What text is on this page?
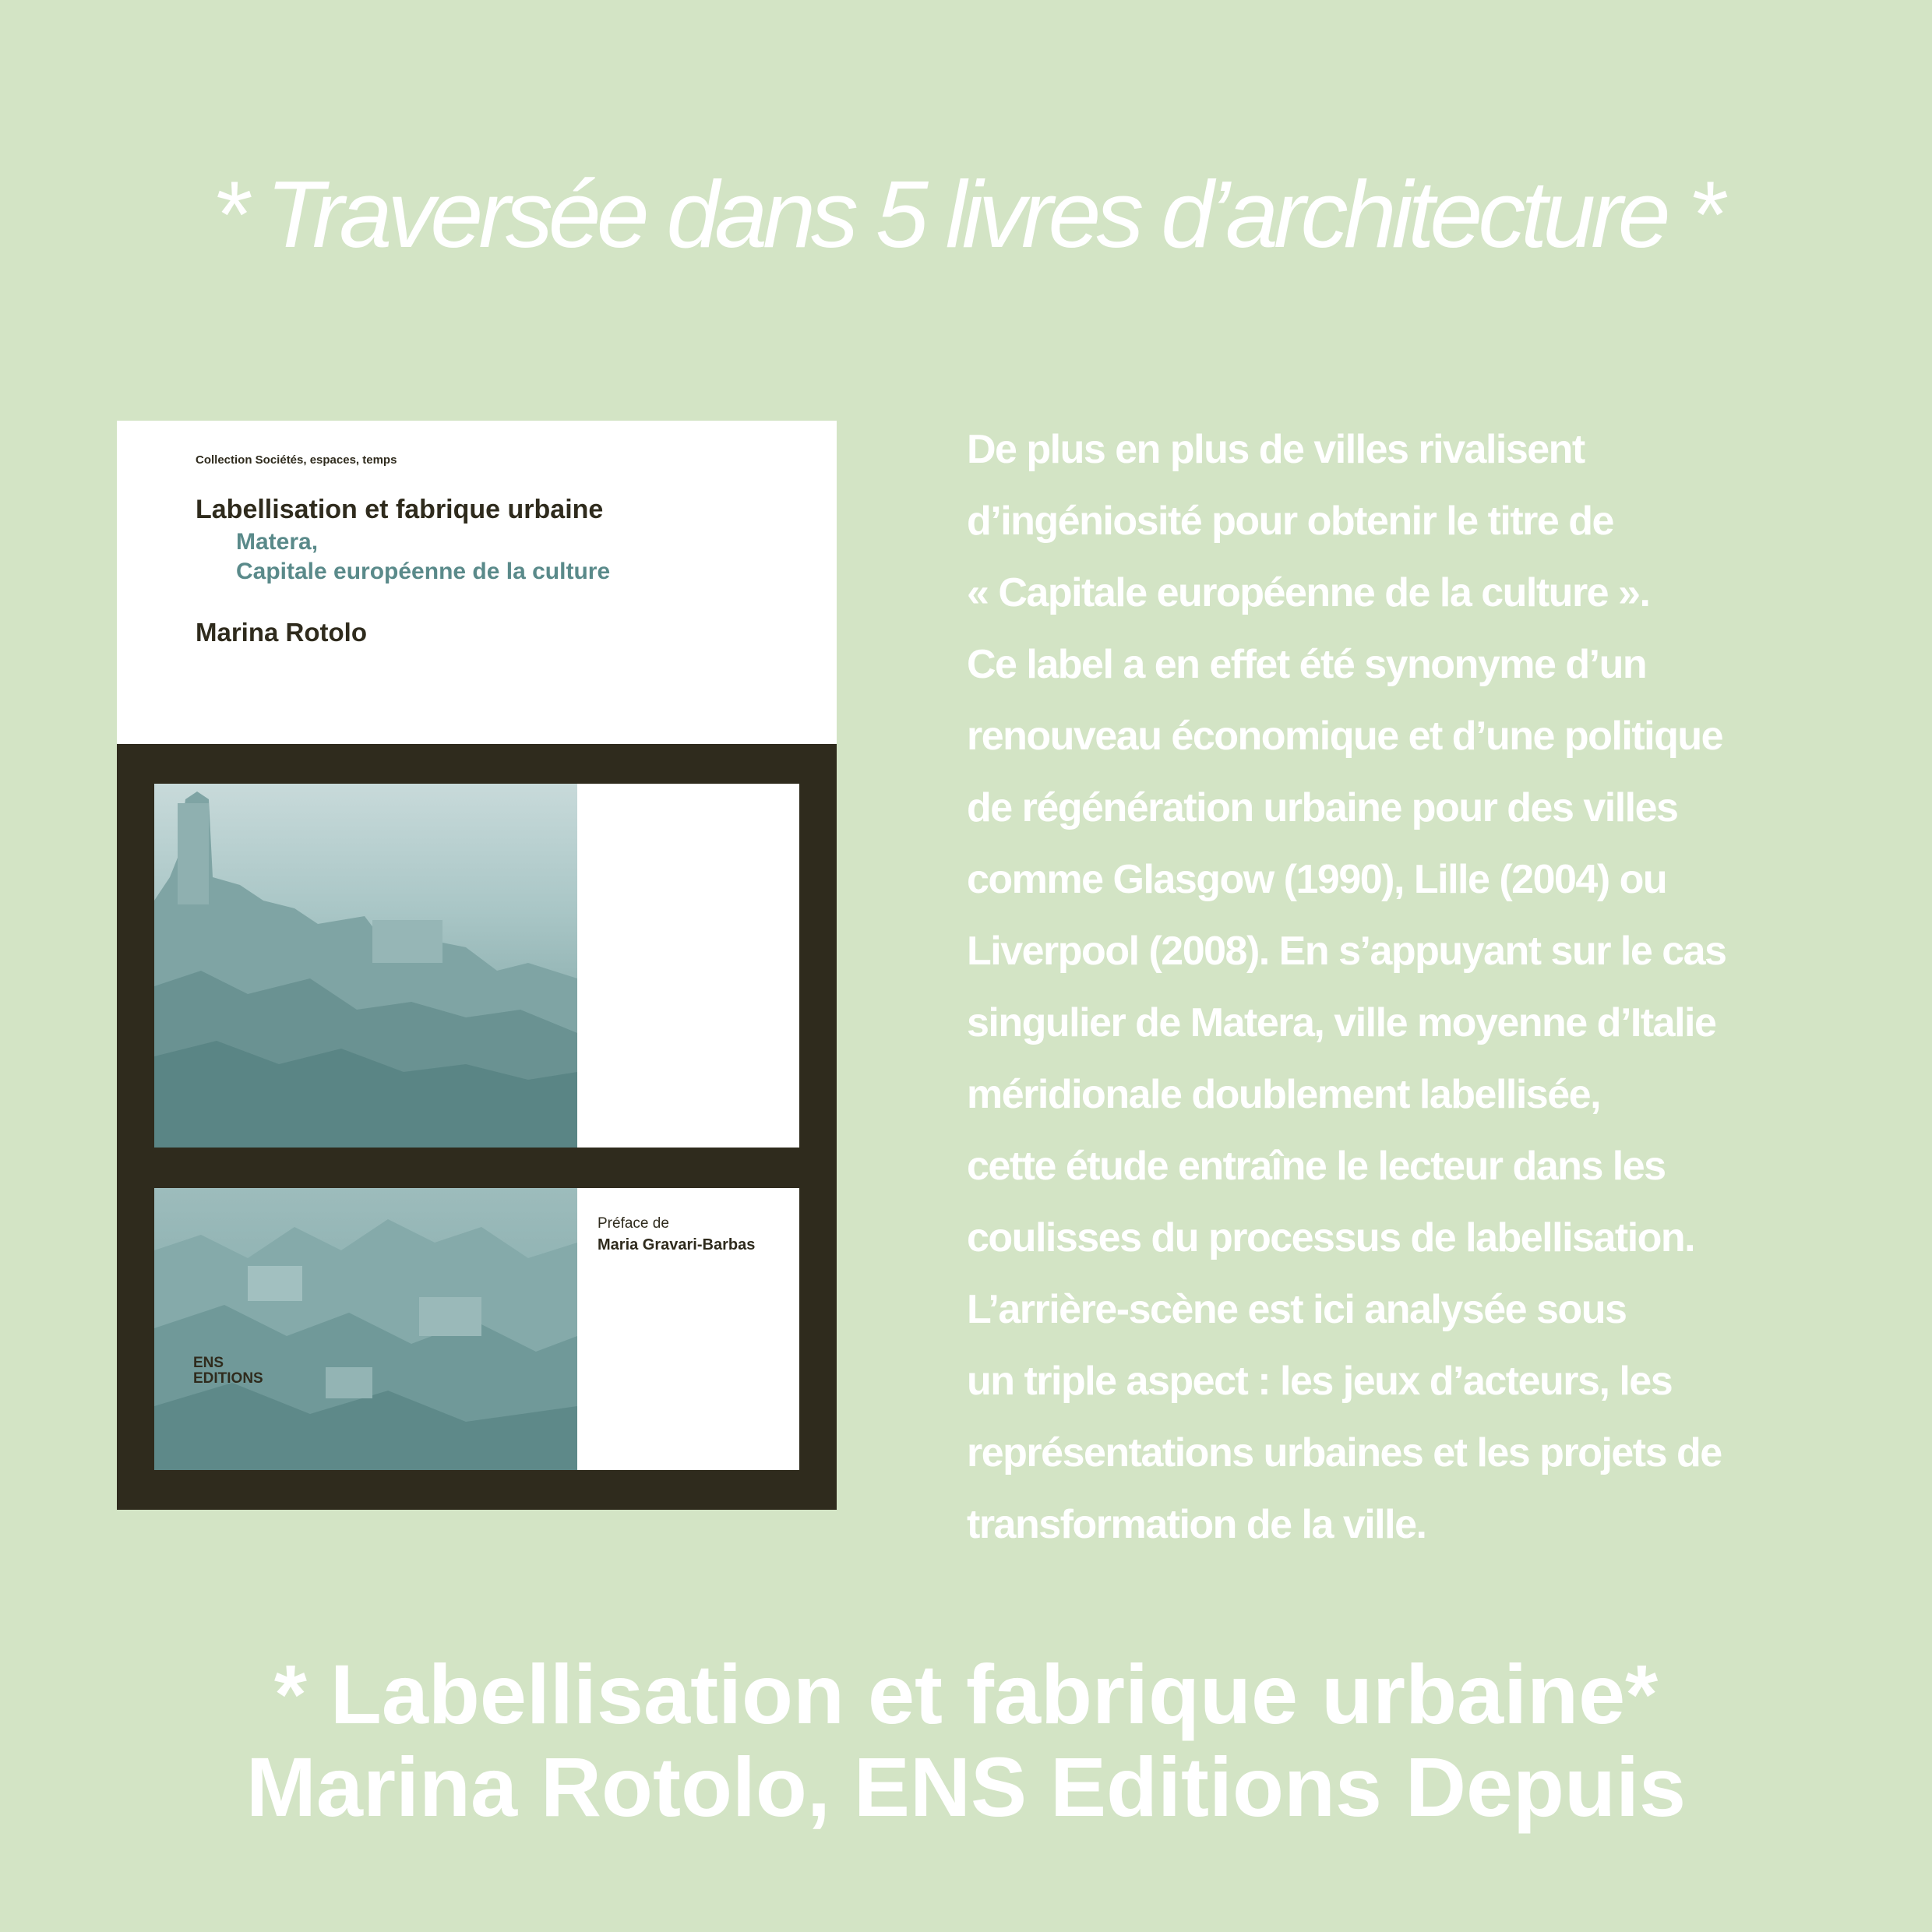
* Traversée dans 5 livres d’architecture *
Collection Sociétés, espaces, temps
Labellisation et fabrique urbaine
Matera,
Capitale européenne de la culture
Marina Rotolo
ENS
EDITIONS
Préface de
Maria Gravari-Barbas
De plus en plus de villes rivalisent
d’ingéniosité pour obtenir le titre de
« Capitale européenne de la culture ».
Ce label a en effet été synonyme d’un
renouveau économique et d’une politique
de régénération urbaine pour des villes
comme Glasgow (1990), Lille (2004) ou
Liverpool (2008). En s’appuyant sur le cas
singulier de Matera, ville moyenne d’Italie
méridionale doublement labellisée,
cette étude entraîne le lecteur dans les
coulisses du processus de labellisation.
L’arrière-scène est ici analysée sous
un triple aspect : les jeux d’acteurs, les
représentations urbaines et les projets de
transformation de la ville.
* Labellisation et fabrique urbaine*
Marina Rotolo, ENS Editions Depuis
